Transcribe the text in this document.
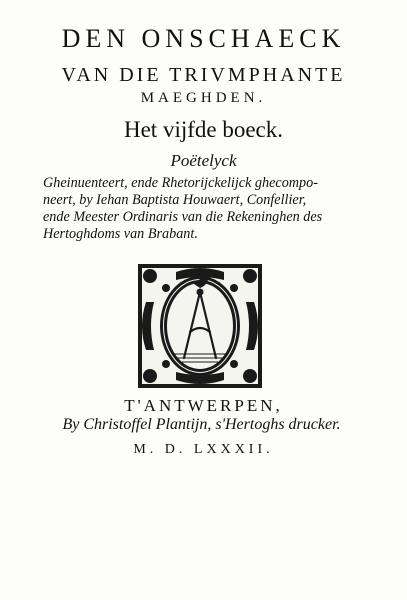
DEN ONSCHAECK
VAN DIE TRIVMPHANTE
MAEGHDEN.
Het vijfde boeck.
Poëtelyck
Gheinuenteert, ende Rhetorijckelijck ghecompo-
neert, by Iehan Baptista Houwaert, Confellier,
ende Meester Ordinaris van die Rekeninghen des
Hertoghdoms van Brabant.
T'ANTWERPEN,
By Christoffel Plantijn, s'Hertoghs drucker.
M. D. LXXXII.
